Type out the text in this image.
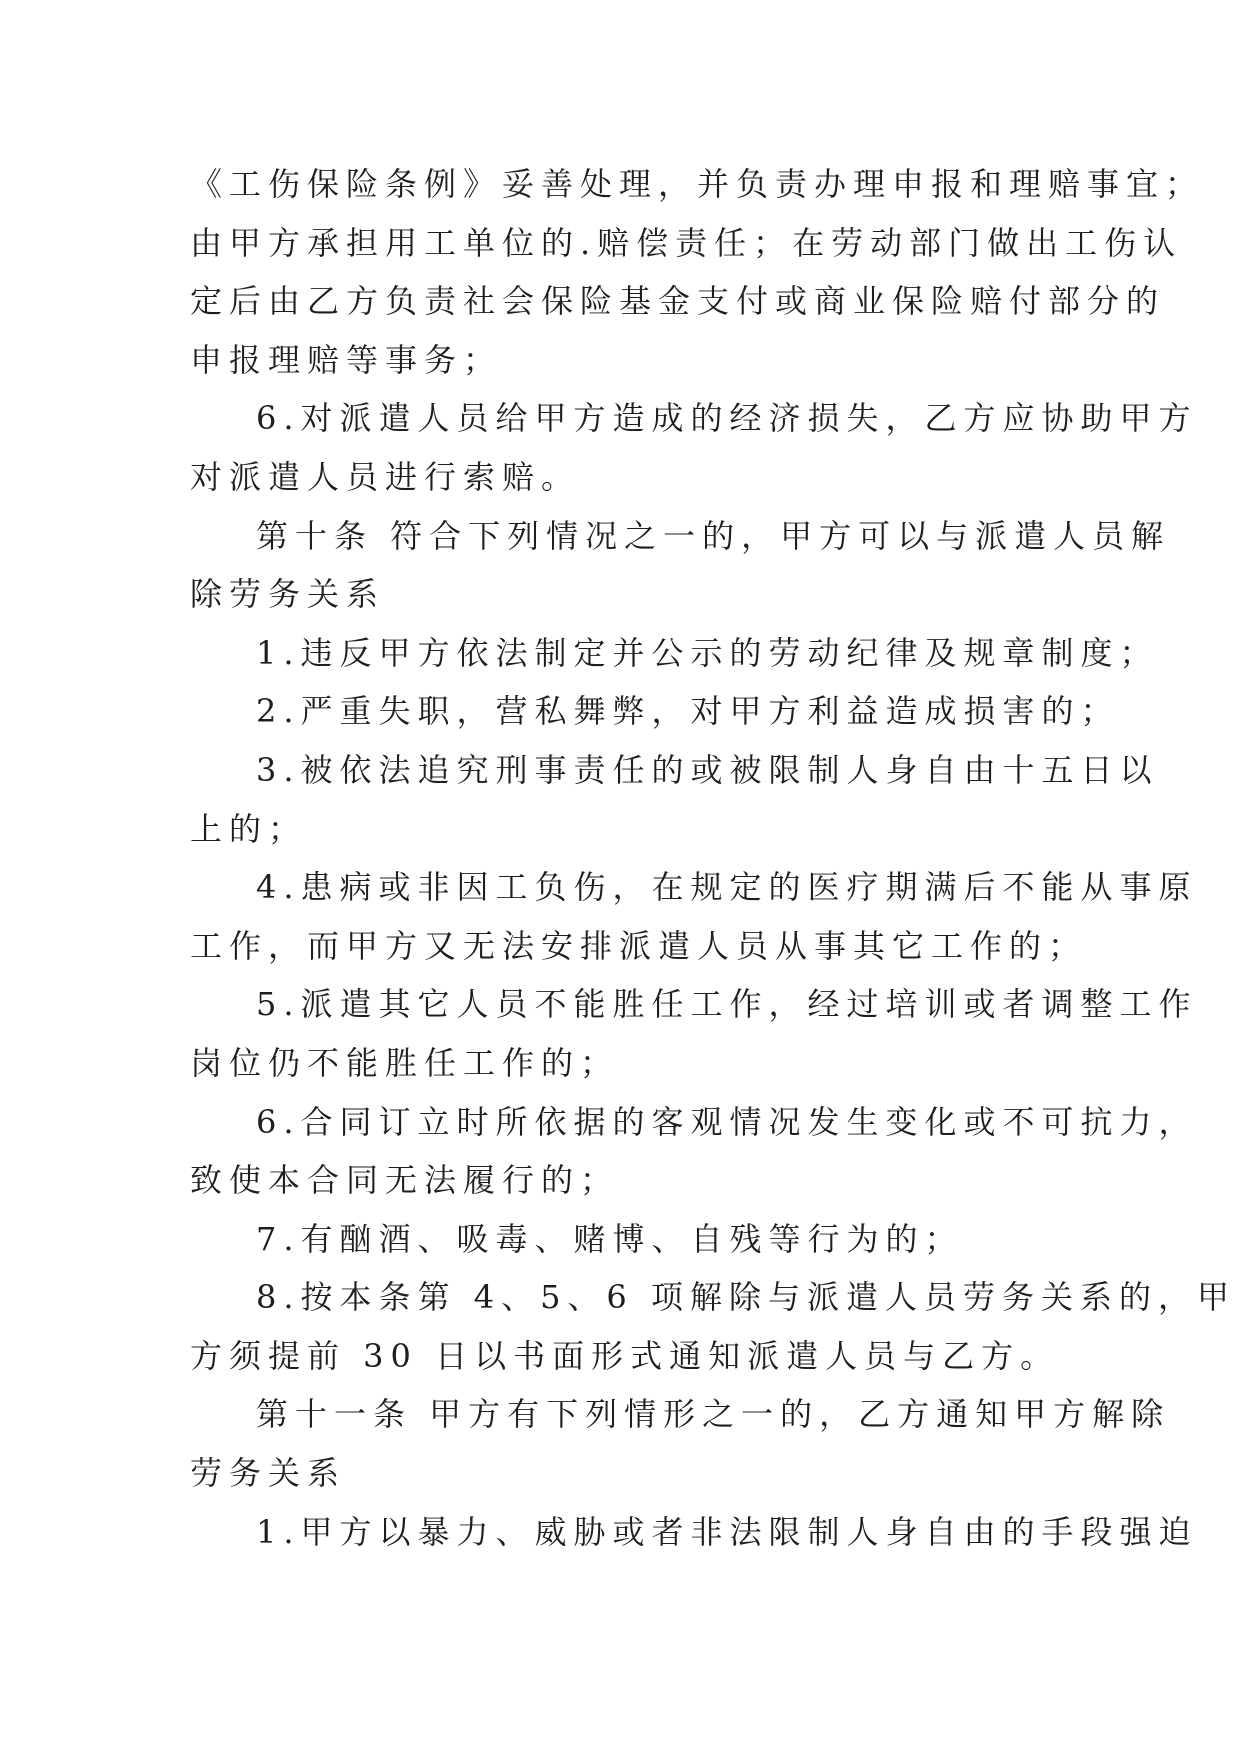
《工伤保险条例》妥善处理，并负责办理申报和理赔事宜；
由甲方承担用工单位的.赔偿责任；在劳动部门做出工伤认
定后由乙方负责社会保险基金支付或商业保险赔付部分的
申报理赔等事务；
6.对派遣人员给甲方造成的经济损失，乙方应协助甲方
对派遣人员进行索赔。
第十条 符合下列情况之一的，甲方可以与派遣人员解
除劳务关系
1.违反甲方依法制定并公示的劳动纪律及规章制度；
2.严重失职，营私舞弊，对甲方利益造成损害的；
3.被依法追究刑事责任的或被限制人身自由十五日以
上的；
4.患病或非因工负伤，在规定的医疗期满后不能从事原
工作，而甲方又无法安排派遣人员从事其它工作的；
5.派遣其它人员不能胜任工作，经过培训或者调整工作
岗位仍不能胜任工作的；
6.合同订立时所依据的客观情况发生变化或不可抗力，
致使本合同无法履行的；
7.有酗酒、吸毒、赌博、自残等行为的；
8.按本条第 4、5、6 项解除与派遣人员劳务关系的，甲
方须提前 30 日以书面形式通知派遣人员与乙方。
第十一条 甲方有下列情形之一的，乙方通知甲方解除
劳务关系
1.甲方以暴力、威胁或者非法限制人身自由的手段强迫
